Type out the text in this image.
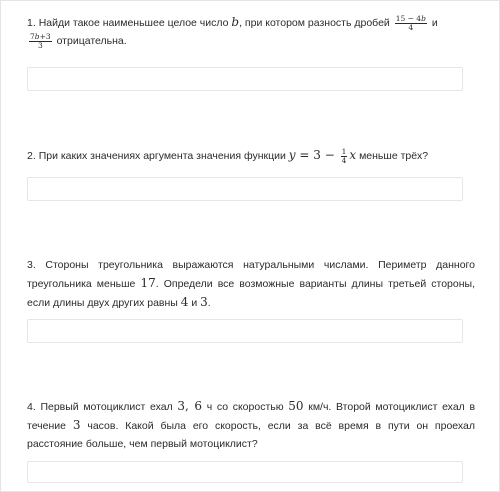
1. Найди такое наименьшее целое число b, при котором разность дробей $\frac{15 - 4b}{4}$ и

$\frac{7b+3}{3}$ отрицательна.
2. При каких значениях аргумента значения функции $y = 3 - \frac{1}{4}$ x меньше трёх?
3. Стороны треугольника выражаются натуральными числами. Периметр данного треугольника меньше 17. Определи все возможные варианты длины третьей стороны, если длины двух других равны 4 и 3.
4. Первый мотоциклист ехал 3, 6 ч со скоростью 50 км/ч. Второй мотоциклист ехал в течение 3 часов. Какой была его скорость, если за всё время в пути он проехал расстояние больше, чем первый мотоциклист?
